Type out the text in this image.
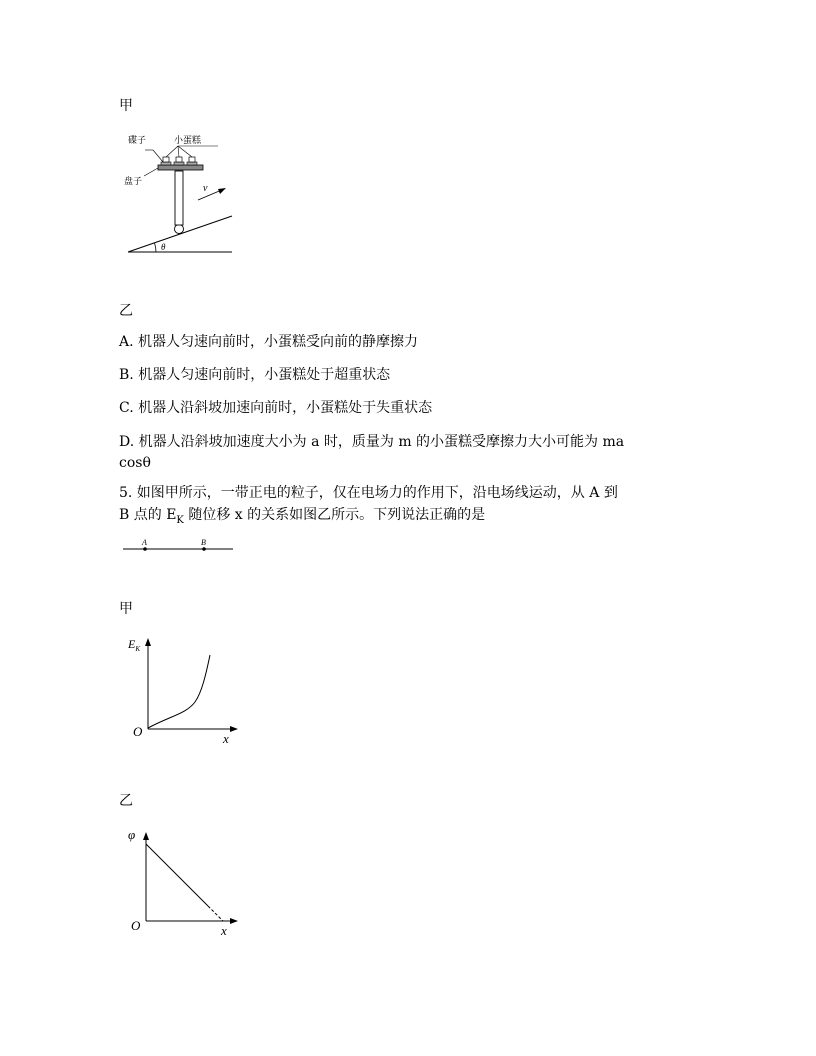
甲
θ
碟子	小蛋糕
盘子
v
乙
A. 机器人匀速向前时，小蛋糕受向前的静摩擦力
B. 机器人匀速向前时，小蛋糕处于超重状态
C. 机器人沿斜坡加速向前时，小蛋糕处于失重状态
D. 机器人沿斜坡加速度大小为 a 时，质量为 m 的小蛋糕受摩擦力大小可能为 ma
cosθ
5. 如图甲所示，一带正电的粒子，仅在电场力的作用下，沿电场线运动，从 A 到
B 点的 $E_K$ 随位移 x 的关系如图乙所示。下列说法正确的是
A	B
甲
$E_K$
O	x
乙
φ
O	x
